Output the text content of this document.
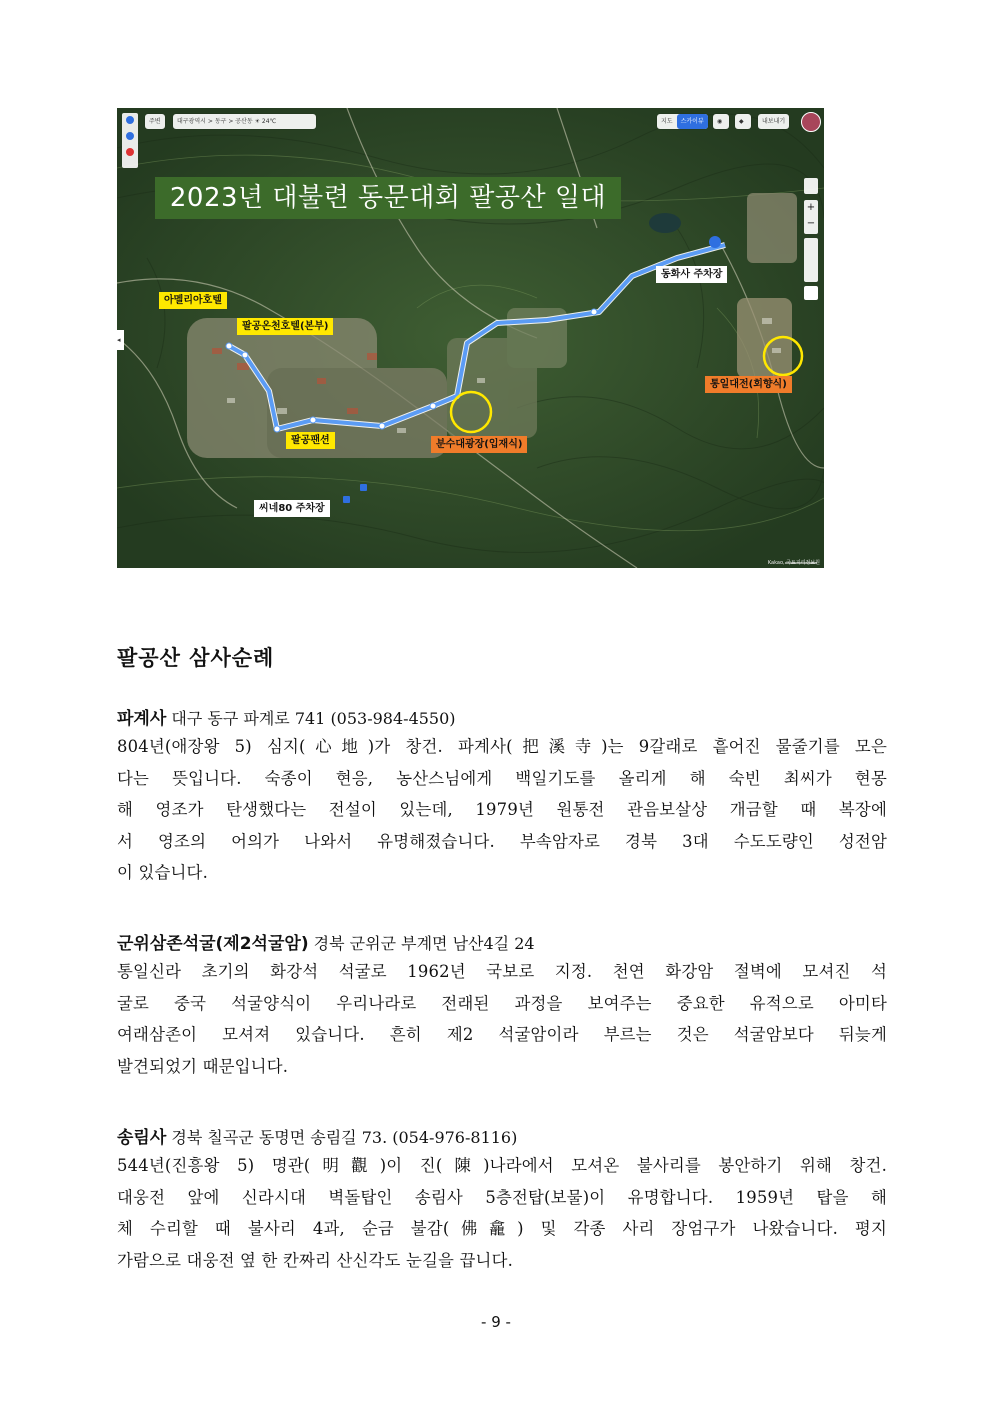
주변	대구광역시 > 동구 > 공산동 ☀ 24℃	지도 스카이뷰	◉	◆	내보내기
◂
+
−
2023년 대불련 동문대회 팔공산 일대
아멜리아호텔
팔공온천호텔(본부)
팔공팬션
씨네80 주차장
분수대광장(입재식)
동화사 주차장
통일대전(회향식)
Kakao, 국토지리정보원
팔공산 삼사순례
파계사 대구 동구 파계로 741 (053-984-4550)
804년(애장왕 5) 심지(心地)가 창건. 파계사(把溪寺)는 9갈래로 흩어진 물줄기를 모은
다는 뜻입니다. 숙종이 현응, 농산스님에게 백일기도를 올리게 해 숙빈 최씨가 현몽
해 영조가 탄생했다는 전설이 있는데, 1979년 원통전 관음보살상 개금할 때 복장에
서 영조의 어의가 나와서 유명해졌습니다. 부속암자로 경북 3대 수도도량인 성전암
이 있습니다.
군위삼존석굴(제2석굴암) 경북 군위군 부계면 남산4길 24
통일신라 초기의 화강석 석굴로 1962년 국보로 지정. 천연 화강암 절벽에 모셔진 석
굴로 중국 석굴양식이 우리나라로 전래된 과정을 보여주는 중요한 유적으로 아미타
여래삼존이 모셔져 있습니다. 흔히 제2 석굴암이라 부르는 것은 석굴암보다 뒤늦게
발견되었기 때문입니다.
송림사 경북 칠곡군 동명면 송림길 73. (054-976-8116)
544년(진흥왕 5) 명관(明觀)이 진(陳)나라에서 모셔온 불사리를 봉안하기 위해 창건.
대웅전 앞에 신라시대 벽돌탑인 송림사 5층전탑(보물)이 유명합니다. 1959년 탑을 해
체 수리할 때 불사리 4과, 순금 불감(佛龕) 및 각종 사리 장엄구가 나왔습니다. 평지
가람으로 대웅전 옆 한 칸짜리 산신각도 눈길을 끕니다.
- 9 -
